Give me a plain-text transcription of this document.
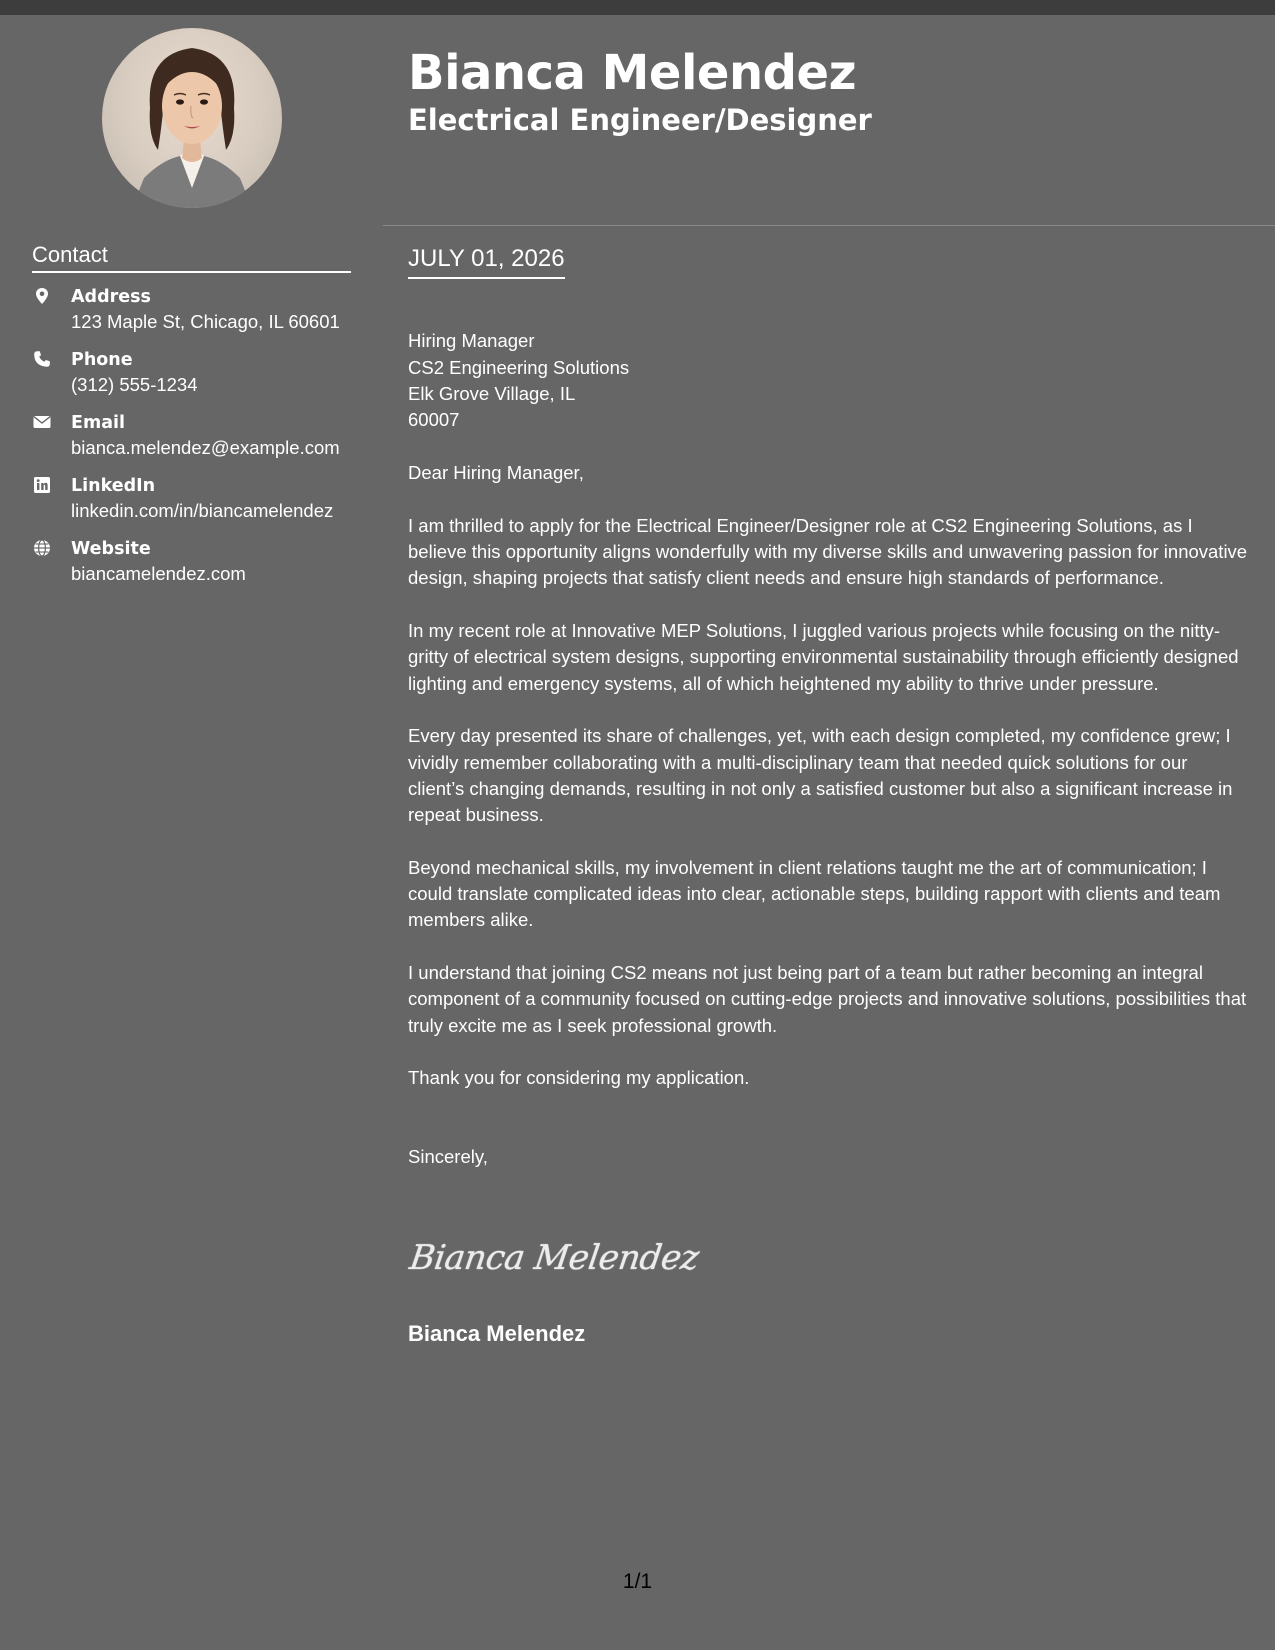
Bianca Melendez
Electrical Engineer/Designer
Contact
Address
123 Maple St, Chicago, IL 60601
Phone
(312) 555-1234
Email
bianca.melendez@example.com
LinkedIn
linkedin.com/in/biancamelendez
Website
biancamelendez.com
JULY 01, 2026

Hiring Manager
CS2 Engineering Solutions
Elk Grove Village, IL
60007

Dear Hiring Manager,

I am thrilled to apply for the Electrical Engineer/Designer role at CS2 Engineering Solutions, as I believe this opportunity aligns wonderfully with my diverse skills and unwavering passion for innovative design, shaping projects that satisfy client needs and ensure high standards of performance.

In my recent role at Innovative MEP Solutions, I juggled various projects while focusing on the nitty-gritty of electrical system designs, supporting environmental sustainability through efficiently designed lighting and emergency systems, all of which heightened my ability to thrive under pressure.

Every day presented its share of challenges, yet, with each design completed, my confidence grew; I vividly remember collaborating with a multi-disciplinary team that needed quick solutions for our client’s changing demands, resulting in not only a satisfied customer but also a significant increase in repeat business.

Beyond mechanical skills, my involvement in client relations taught me the art of communication; I could translate complicated ideas into clear, actionable steps, building rapport with clients and team members alike.

I understand that joining CS2 means not just being part of a team but rather becoming an integral component of a community focused on cutting-edge projects and innovative solutions, possibilities that truly excite me as I seek professional growth.

Thank you for considering my application.

Sincerely,

Bianca Melendez
Bianca Melendez
1/1
